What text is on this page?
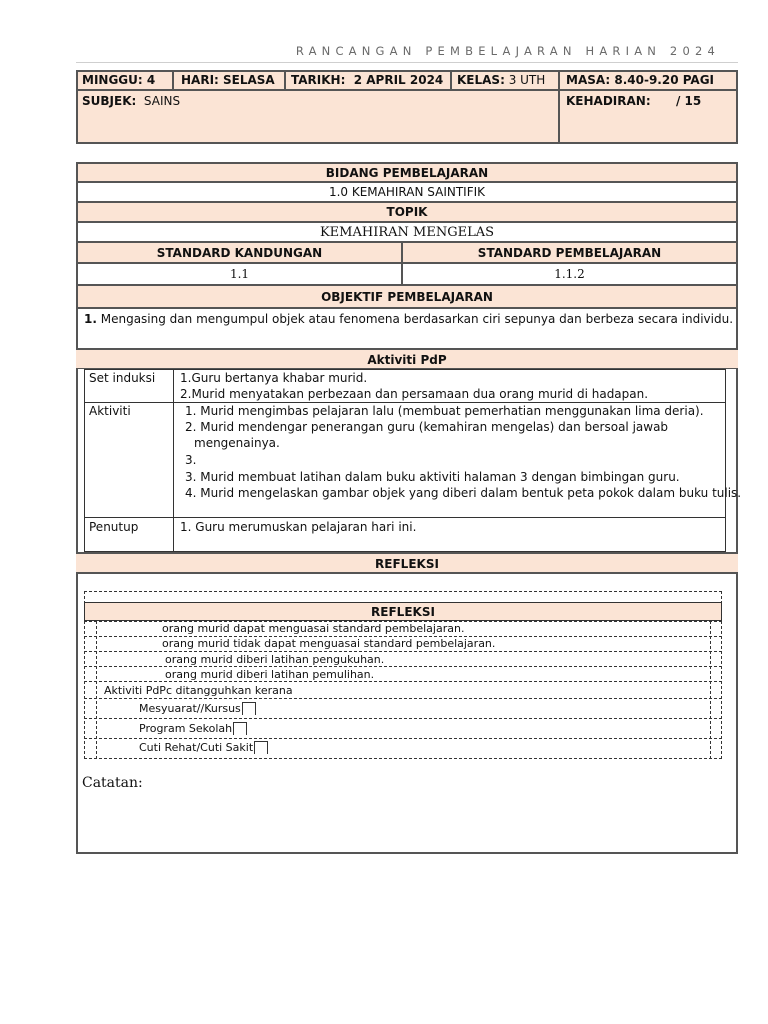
RANCANGAN PEMBELAJARAN HARIAN 2024
MINGGU: 4 HARI: SELASA TARIKH:  2 APRIL 2024 KELAS: 3 UTH MASA: 8.40-9.20 PAGI
SUBJEK:  SAINS	KEHADIRAN: / 15
BIDANG PEMBELAJARAN
1.0 KEMAHIRAN SAINTIFIK
TOPIK
KEMAHIRAN MENGELAS
STANDARD KANDUNGAN	STANDARD PEMBELAJARAN
1.1	1.1.2
OBJEKTIF PEMBELAJARAN
1. Mengasing dan mengumpul objek atau fenomena berdasarkan ciri sepunya dan berbeza secara individu.
Aktiviti PdP
Set induksi 1.Guru bertanya khabar murid.
2.Murid menyatakan perbezaan dan persamaan dua orang murid di hadapan.
Aktiviti	1. Murid mengimbas pelajaran lalu (membuat pemerhatian menggunakan lima deria).
2. Murid mendengar penerangan guru (kemahiran mengelas) dan bersoal jawab
mengenainya.
3.
3. Murid membuat latihan dalam buku aktiviti halaman 3 dengan bimbingan guru.
4. Murid mengelaskan gambar objek yang diberi dalam bentuk peta pokok dalam buku tulis.
Penutup	1. Guru merumuskan pelajaran hari ini.
REFLEKSI
REFLEKSI
orang murid dapat menguasai standard pembelajaran.
orang murid tidak dapat menguasai standard pembelajaran.
orang murid diberi latihan pengukuhan.
orang murid diberi latihan pemulihan.
Aktiviti PdPc ditangguhkan kerana
Mesyuarat//Kursus
Program Sekolah
Cuti Rehat/Cuti Sakit
Catatan:
